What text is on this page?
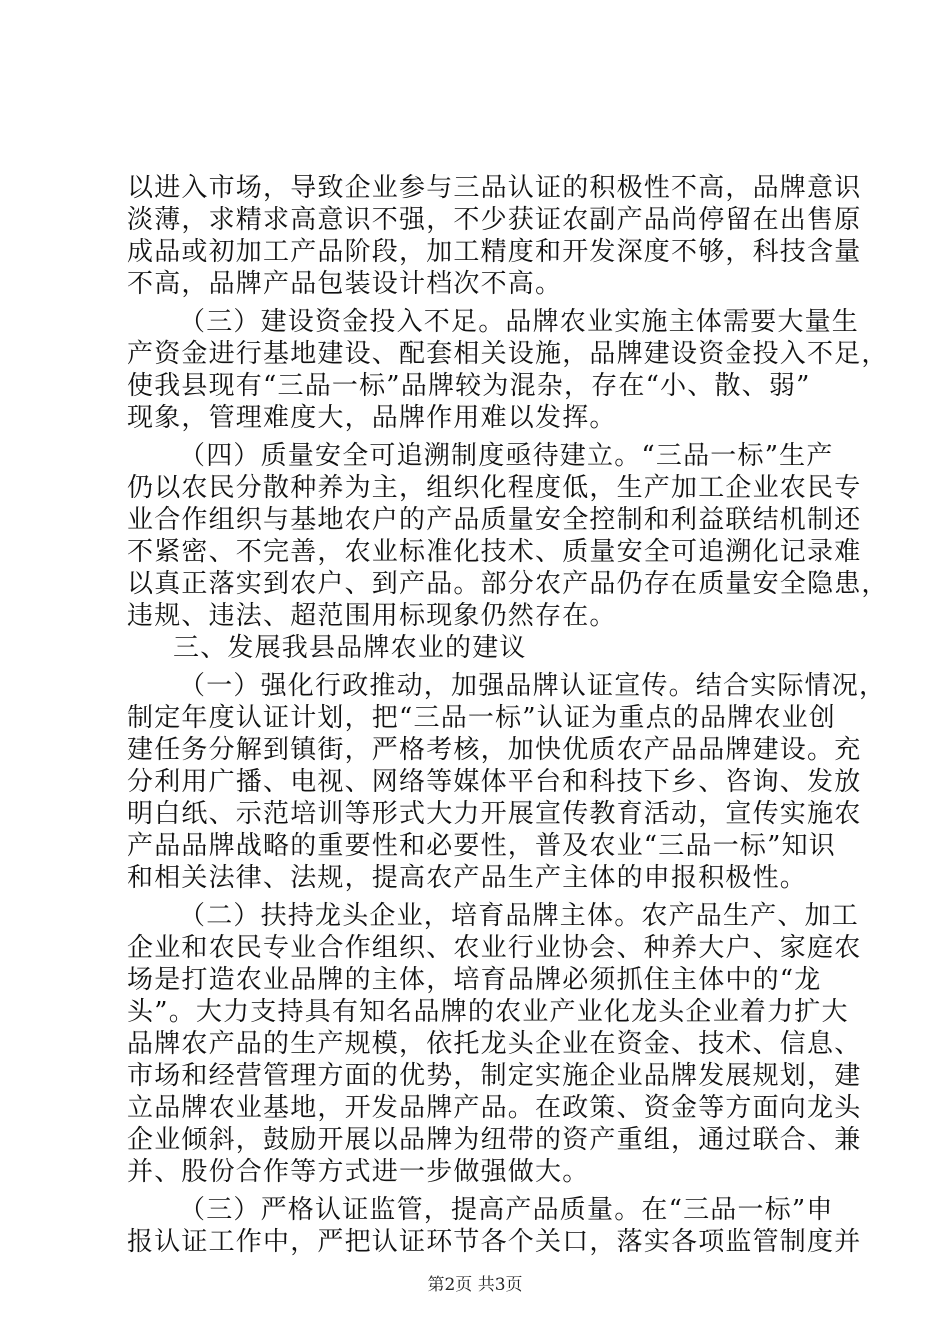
以进入市场，导致企业参与三品认证的积极性不高，品牌意识
淡薄，求精求高意识不强，不少获证农副产品尚停留在出售原
成品或初加工产品阶段，加工精度和开发深度不够，科技含量
不高，品牌产品包装设计档次不高。
（三）建设资金投入不足。品牌农业实施主体需要大量生
产资金进行基地建设、配套相关设施，品牌建设资金投入不足，
使我县现有“三品一标”品牌较为混杂，存在“小、散、弱”
现象，管理难度大，品牌作用难以发挥。
（四）质量安全可追溯制度亟待建立。“三品一标”生产
仍以农民分散种养为主，组织化程度低，生产加工企业农民专
业合作组织与基地农户的产品质量安全控制和利益联结机制还
不紧密、不完善，农业标准化技术、质量安全可追溯化记录难
以真正落实到农户、到产品。部分农产品仍存在质量安全隐患，
违规、违法、超范围用标现象仍然存在。
三、发展我县品牌农业的建议
（一）强化行政推动，加强品牌认证宣传。结合实际情况，
制定年度认证计划，把“三品一标”认证为重点的品牌农业创
建任务分解到镇街，严格考核，加快优质农产品品牌建设。充
分利用广播、电视、网络等媒体平台和科技下乡、咨询、发放
明白纸、示范培训等形式大力开展宣传教育活动，宣传实施农
产品品牌战略的重要性和必要性，普及农业“三品一标”知识
和相关法律、法规，提高农产品生产主体的申报积极性。
（二）扶持龙头企业，培育品牌主体。农产品生产、加工
企业和农民专业合作组织、农业行业协会、种养大户、家庭农
场是打造农业品牌的主体，培育品牌必须抓住主体中的“龙
头”。大力支持具有知名品牌的农业产业化龙头企业着力扩大
品牌农产品的生产规模，依托龙头企业在资金、技术、信息、
市场和经营管理方面的优势，制定实施企业品牌发展规划，建
立品牌农业基地，开发品牌产品。在政策、资金等方面向龙头
企业倾斜，鼓励开展以品牌为纽带的资产重组，通过联合、兼
并、股份合作等方式进一步做强做大。
（三）严格认证监管，提高产品质量。在“三品一标”申
报认证工作中，严把认证环节各个关口，落实各项监管制度并
第2页 共3页
